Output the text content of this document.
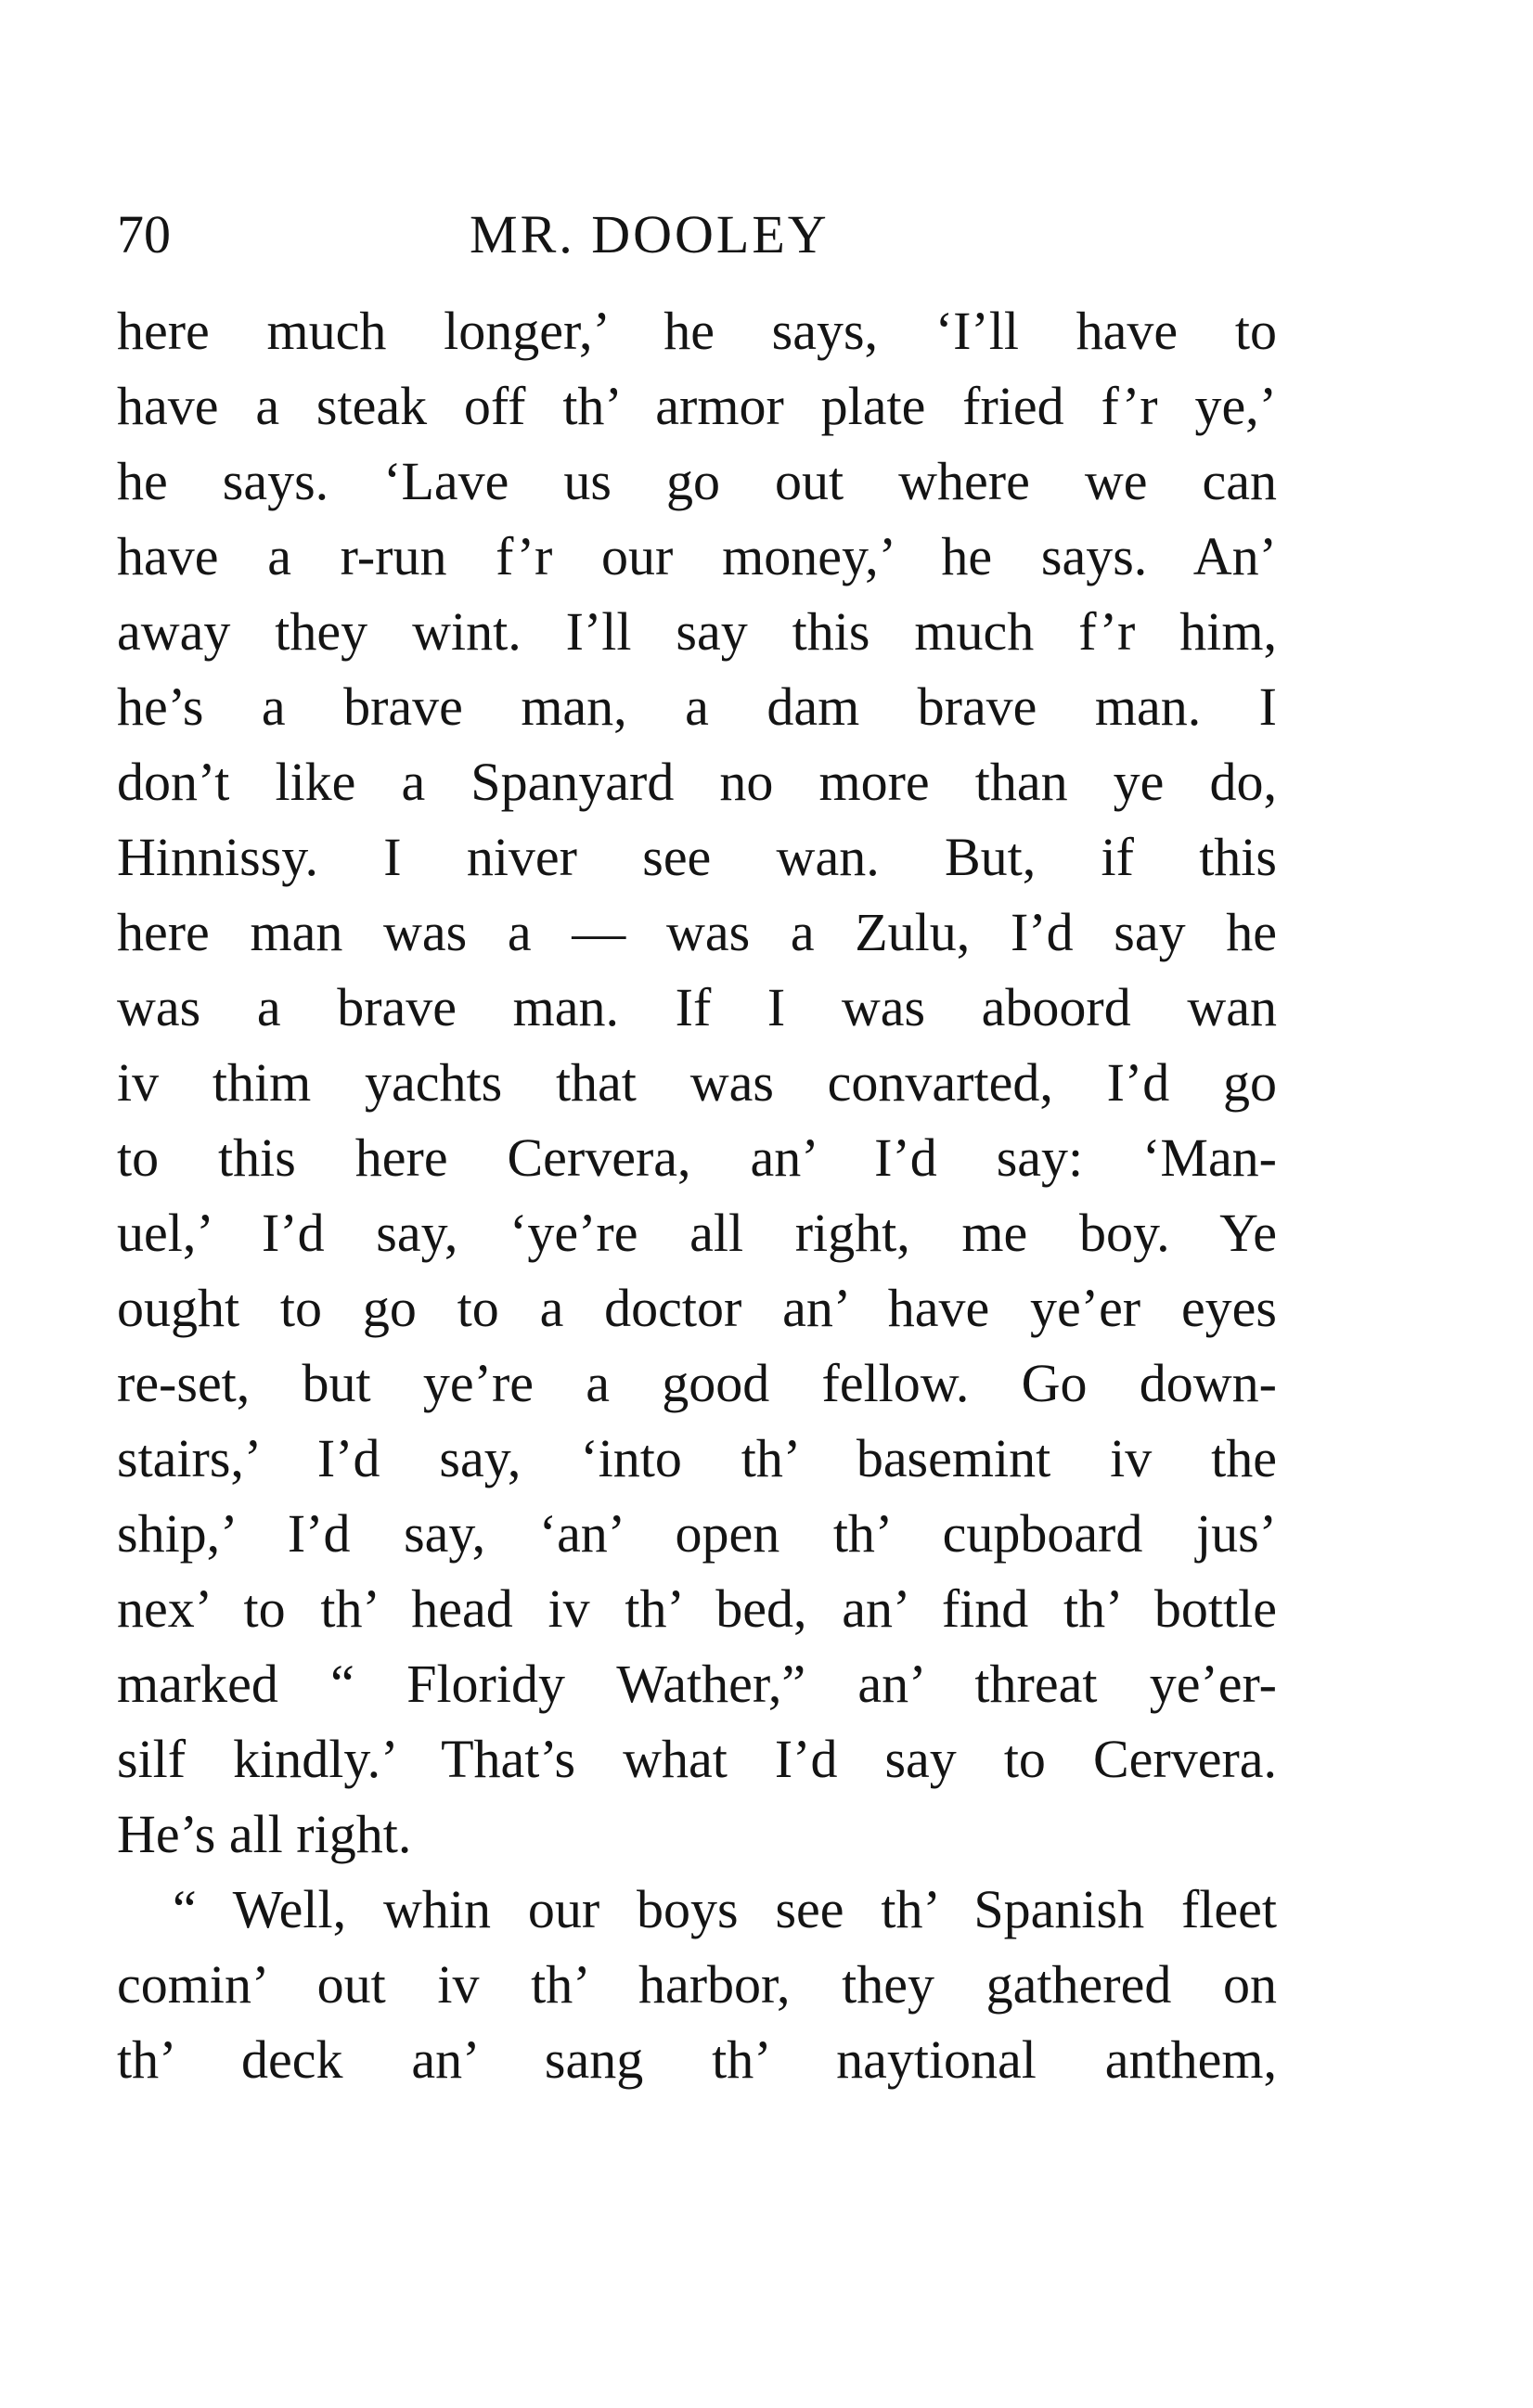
70	MR. DOOLEY
here much longer,’ he says, ‘I’ll have to
have a steak off th’ armor plate fried f’r ye,’
he says. ‘Lave us go out where we can
have a r-run f’r our money,’ he says. An’
away they wint. I’ll say this much f’r him,
he’s a brave man, a dam brave man. I
don’t like a Spanyard no more than ye do,
Hinnissy. I niver see wan. But, if this
here man was a — was a Zulu, I’d say he
was a brave man. If I was aboord wan
iv thim yachts that was convarted, I’d go
to this here Cervera, an’ I’d say: ‘Man-
uel,’ I’d say, ‘ye’re all right, me boy. Ye
ought to go to a doctor an’ have ye’er eyes
re-set, but ye’re a good fellow. Go down-
stairs,’ I’d say, ‘into th’ basemint iv the
ship,’ I’d say, ‘an’ open th’ cupboard jus’
nex’ to th’ head iv th’ bed, an’ find th’ bottle
marked “ Floridy Wather,” an’ threat ye’er-
silf kindly.’ That’s what I’d say to Cervera.
He’s all right.
“ Well, whin our boys see th’ Spanish fleet
comin’ out iv th’ harbor, they gathered on
th’ deck an’ sang th’ naytional anthem,
